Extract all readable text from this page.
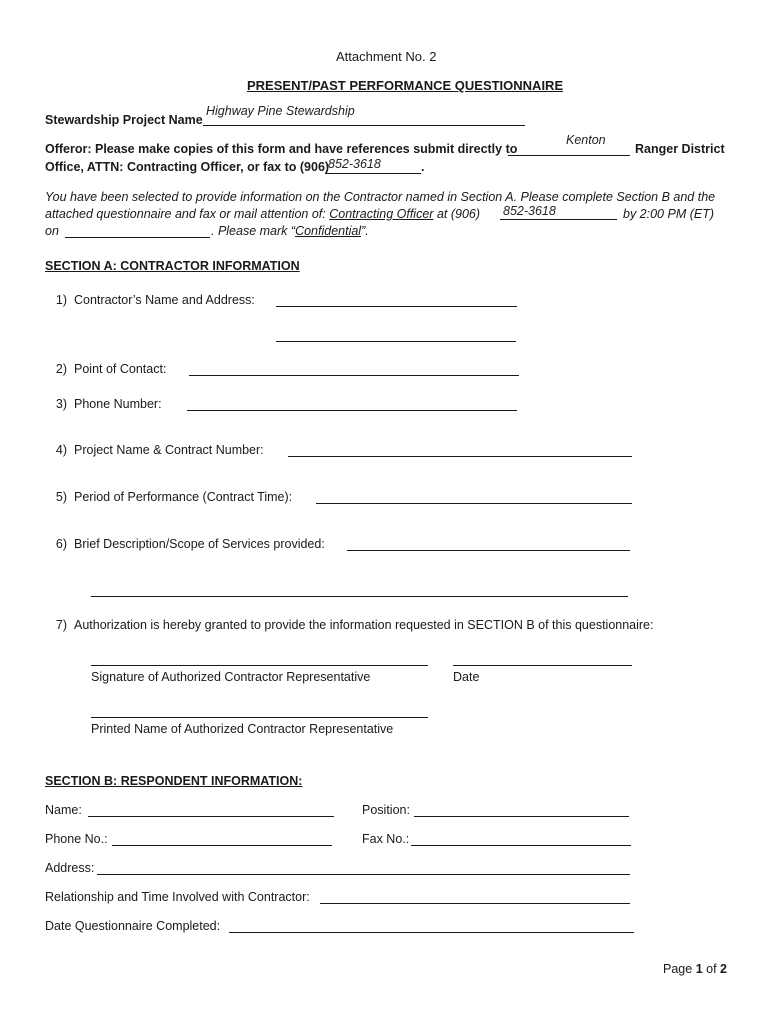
Attachment No. 2
PRESENT/PAST PERFORMANCE QUESTIONNAIRE
Stewardship Project Name
Highway Pine Stewardship
Offeror: Please make copies of this form and have references submit directly to
Kenton
Ranger District
Office, ATTN: Contracting Officer, or fax to (906)
852-3618	.
You have been selected to provide information on the Contractor named in Section A. Please complete Section B and the
attached questionnaire and fax or mail attention of: Contracting Officer at (906) 852-3618	by 2:00 PM (ET)
on	. Please mark “Confidential”.
SECTION A: CONTRACTOR INFORMATION
1) Contractor’s Name and Address:
2) Point of Contact:
3) Phone Number:
4) Project Name & Contract Number:
5) Period of Performance (Contract Time):
6) Brief Description/Scope of Services provided:
7) Authorization is hereby granted to provide the information requested in SECTION B of this questionnaire:
Signature of Authorized Contractor Representative	Date
Printed Name of Authorized Contractor Representative
SECTION B: RESPONDENT INFORMATION:
Name:	Position:
Phone No.:	Fax No.:
Address:
Relationship and Time Involved with Contractor:
Date Questionnaire Completed:
Page 1 of 2
